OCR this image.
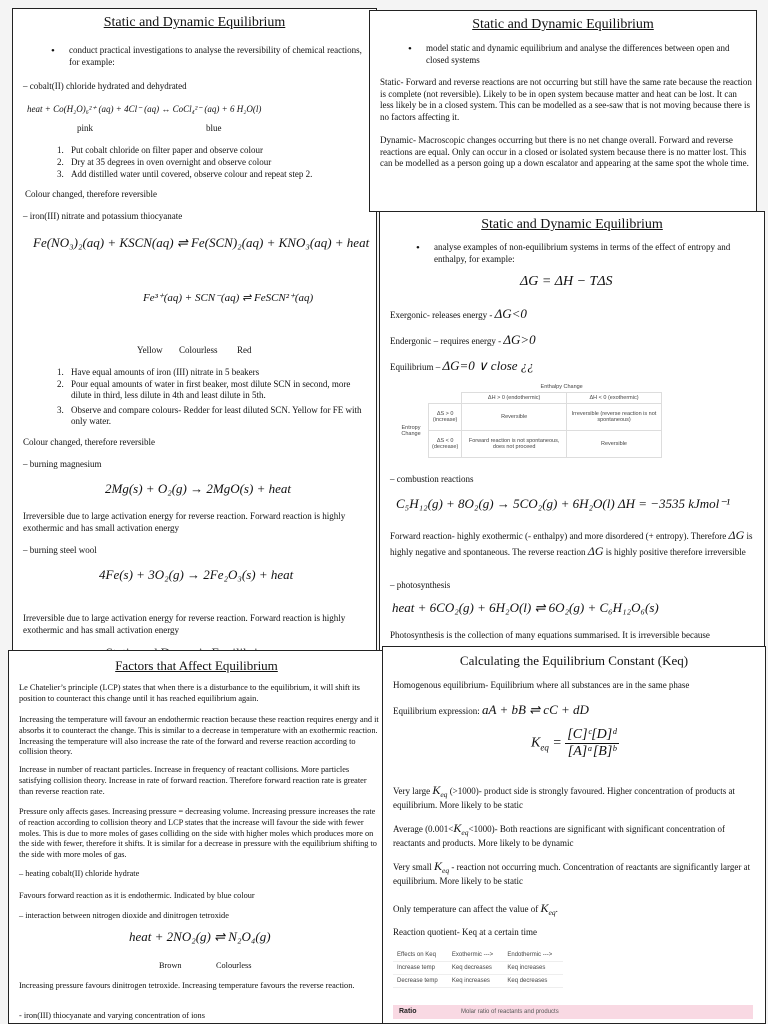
Static and Dynamic Equilibrium
• conduct practical investigations to analyse the reversibility of chemical reactions, for example:
– cobalt(II) chloride hydrated and dehydrated
heat + Co(H₂O)₆²⁺ (aq) + 4Cl⁻ (aq) ↔ CoCl₄²⁻ (aq) + 6 H₂O(l)
pink	blue
1. Put cobalt chloride on filter paper and observe colour
2. Dry at 35 degrees in oven overnight and observe colour
3. Add distilled water until covered, observe colour and repeat step 2.
Colour changed, therefore reversible
– iron(III) nitrate and potassium thiocyanate
Fe(NO₃)₂(aq) + KSCN(aq) ⇌ Fe(SCN)₂(aq) + KNO₃(aq) + heat
Fe³⁺(aq) + SCN⁻(aq) ⇌ FeSCN²⁺(aq)
Yellow Colourless Red
1. Have equal amounts of iron (III) nitrate in 5 beakers
2. Pour equal amounts of water in first beaker, most dilute SCN in second, more dilute in third, less dilute in 4th and least dilute in 5th.
3. Observe and compare colours- Redder for least diluted SCN. Yellow for FE with only water.
Colour changed, therefore reversible
– burning magnesium
2Mg(s) + O₂(g) → 2MgO(s) + heat
Irreversible due to large activation energy for reverse reaction. Forward reaction is highly exothermic and has small activation energy
– burning steel wool
4Fe(s) + 3O₂(g) → 2Fe₂O₃(s) + heat
Irreversible due to large activation energy for reverse reaction. Forward reaction is highly exothermic and has small activation energy
Static and Dynamic Equilibrium
• model static and dynamic equilibrium and analyse the differences between open and closed systems
Static- Forward and reverse reactions are not occurring but still have the same rate because the reaction is complete (not reversible). Likely to be in open system because matter and heat can be lost. It can less likely be in a closed system. This can be modelled as a see-saw that is not moving because there is no factors affecting it.
Dynamic- Macroscopic changes occurring but there is no net change overall. Forward and reverse reactions are equal. Only can occur in a closed or isolated system because there is no matter lost. This can be modelled as a person going up a down escalator and appearing at the same spot the whole time.
Static and Dynamic Equilibrium
• analyse examples of non-equilibrium systems in terms of the effect of entropy and enthalpy, for example:
ΔG = ΔH − TΔS
Exergonic- releases energy - ΔG<0
Endergonic – requires energy - ΔG>0
Equilibrium – ΔG=0 ∨ close ¿¿
		Enthalpy Change	
		ΔH > 0 (endothermic)	ΔH < 0 (exothermic)
Entropy Change	ΔS > 0
(increase)	Reversible	Irreversible (reverse reaction is not spontaneous)
	ΔS < 0
(decrease)	Forward reaction is not spontaneous, does not proceed	Reversible
– combustion reactions
C₅H₁₂(g) + 8O₂(g) → 5CO₂(g) + 6H₂O(l) ΔH = −3535 kJmol⁻¹
Forward reaction- highly exothermic (- enthalpy) and more disordered (+ entropy). Therefore ΔG is highly negative and spontaneous. The reverse reaction ΔG is highly positive therefore irreversible
– photosynthesis
heat + 6CO₂(g) + 6H₂O(l) ⇌ 6O₂(g) + C₆H₁₂O₆(s)
Photosynthesis is the collection of many equations summarised. It is irreversible because
Factors that Affect Equilibrium
Le Chatelier’s principle (LCP) states that when there is a disturbance to the equilibrium, it will shift its position to counteract this change until it has reached equilibrium again.
Increasing the temperature will favour an endothermic reaction because these reaction requires energy and it absorbs it to counteract the change. This is similar to a decrease in temperature with an exothermic reaction. Increasing the temperature will also increase the rate of the forward and reverse reaction according to collision theory.
Increase in number of reactant particles. Increase in frequency of reactant collisions. More particles satisfying collision theory. Increase in rate of forward reaction. Therefore forward reaction rate is greater than reverse reaction rate.
Pressure only affects gases. Increasing pressure = decreasing volume. Increasing pressure increases the rate of reaction according to collision theory and LCP states that the increase will favour the side with fewer moles. This is due to more moles of gases colliding on the side with higher moles which produces more on the side with fewer, therefore it shifts. It is similar for a decrease in pressure with the equilibrium shifting to the side with more moles of gas.
– heating cobalt(II) chloride hydrate
Favours forward reaction as it is endothermic. Indicated by blue colour
– interaction between nitrogen dioxide and dinitrogen tetroxide
heat + 2NO₂(g) ⇌ N₂O₄(g)
Brown	Colourless
Increasing pressure favours dinitrogen tetroxide. Increasing temperature favours the reverse reaction.
- iron(III) thiocyanate and varying concentration of ions
Calculating the Equilibrium Constant (Keq)
Homogenous equilibrium- Equilibrium where all substances are in the same phase
Equilibrium expression: aA + bB ⇌ cC + dD
$K_{eq} = \frac{\text{[C]ᶜ[D]ᵈ}}{\text{[A]ᵃ[B]ᵇ}}$
Very large $K_{eq}$ (>1000)- product side is strongly favoured. Higher concentration of products at equilibrium. More likely to be static
Average $(0.001<K_{eq}<1000)-$ Both reactions are significant with significant concentration of reactants and products. More likely to be dynamic
Very small $K_{eq}$ - reaction not occurring much. Concentration of reactants are significantly larger at equilibrium. More likely to be static
Only temperature can affect the value of $K_{eq}$.
Reaction quotient- Keq at a certain time
Effects on Keq	Exothermic --->	Endothermic --->
Increase temp	Keq decreases	Keq increases
Decrease temp	Keq increases	Keq decreases
Ratio	Molar ratio of reactants and products
